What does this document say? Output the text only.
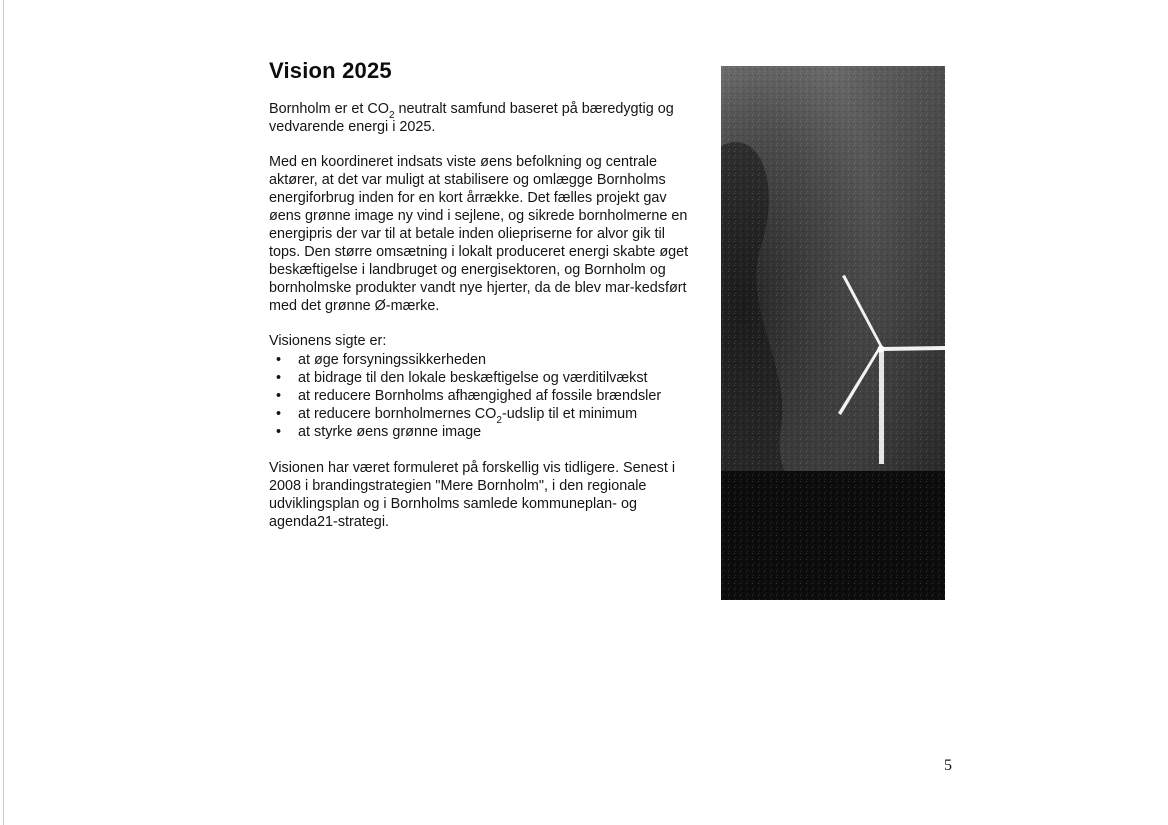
Vision 2025

Bornholm er et $CO_2$ neutralt samfund baseret på bæredygtig og vedvarende energi i 2025.

Med en koordineret indsats viste øens befolkning og centrale aktører, at det var muligt at stabilisere og omlægge Bornholms energiforbrug inden for en kort årrække. Det fælles projekt gav øens grønne image ny vind i sejlene, og sikrede bornholmerne en energipris der var til at betale inden oliepriserne for alvor gik til tops. Den større omsætning i lokalt produceret energi skabte øget beskæftigelse i landbruget og energisektoren, og Bornholm og bornholmske produkter vandt nye hjerter, da de blev mar-kedsført med det grønne Ø-mærke.

Visionens sigte er:
• at øge forsyningssikkerheden
• at bidrage til den lokale beskæftigelse og værditilvækst
• at reducere Bornholms afhængighed af fossile brændsler
• at reducere bornholmernes $CO_2$-udslip til et minimum
• at styrke øens grønne image

Visionen har været formuleret på forskellig vis tidligere. Senest i 2008 i brandingstrategien "Mere Bornholm", i den regionale udviklingsplan og i Bornholms samlede kommuneplan- og agenda21-strategi.

5
